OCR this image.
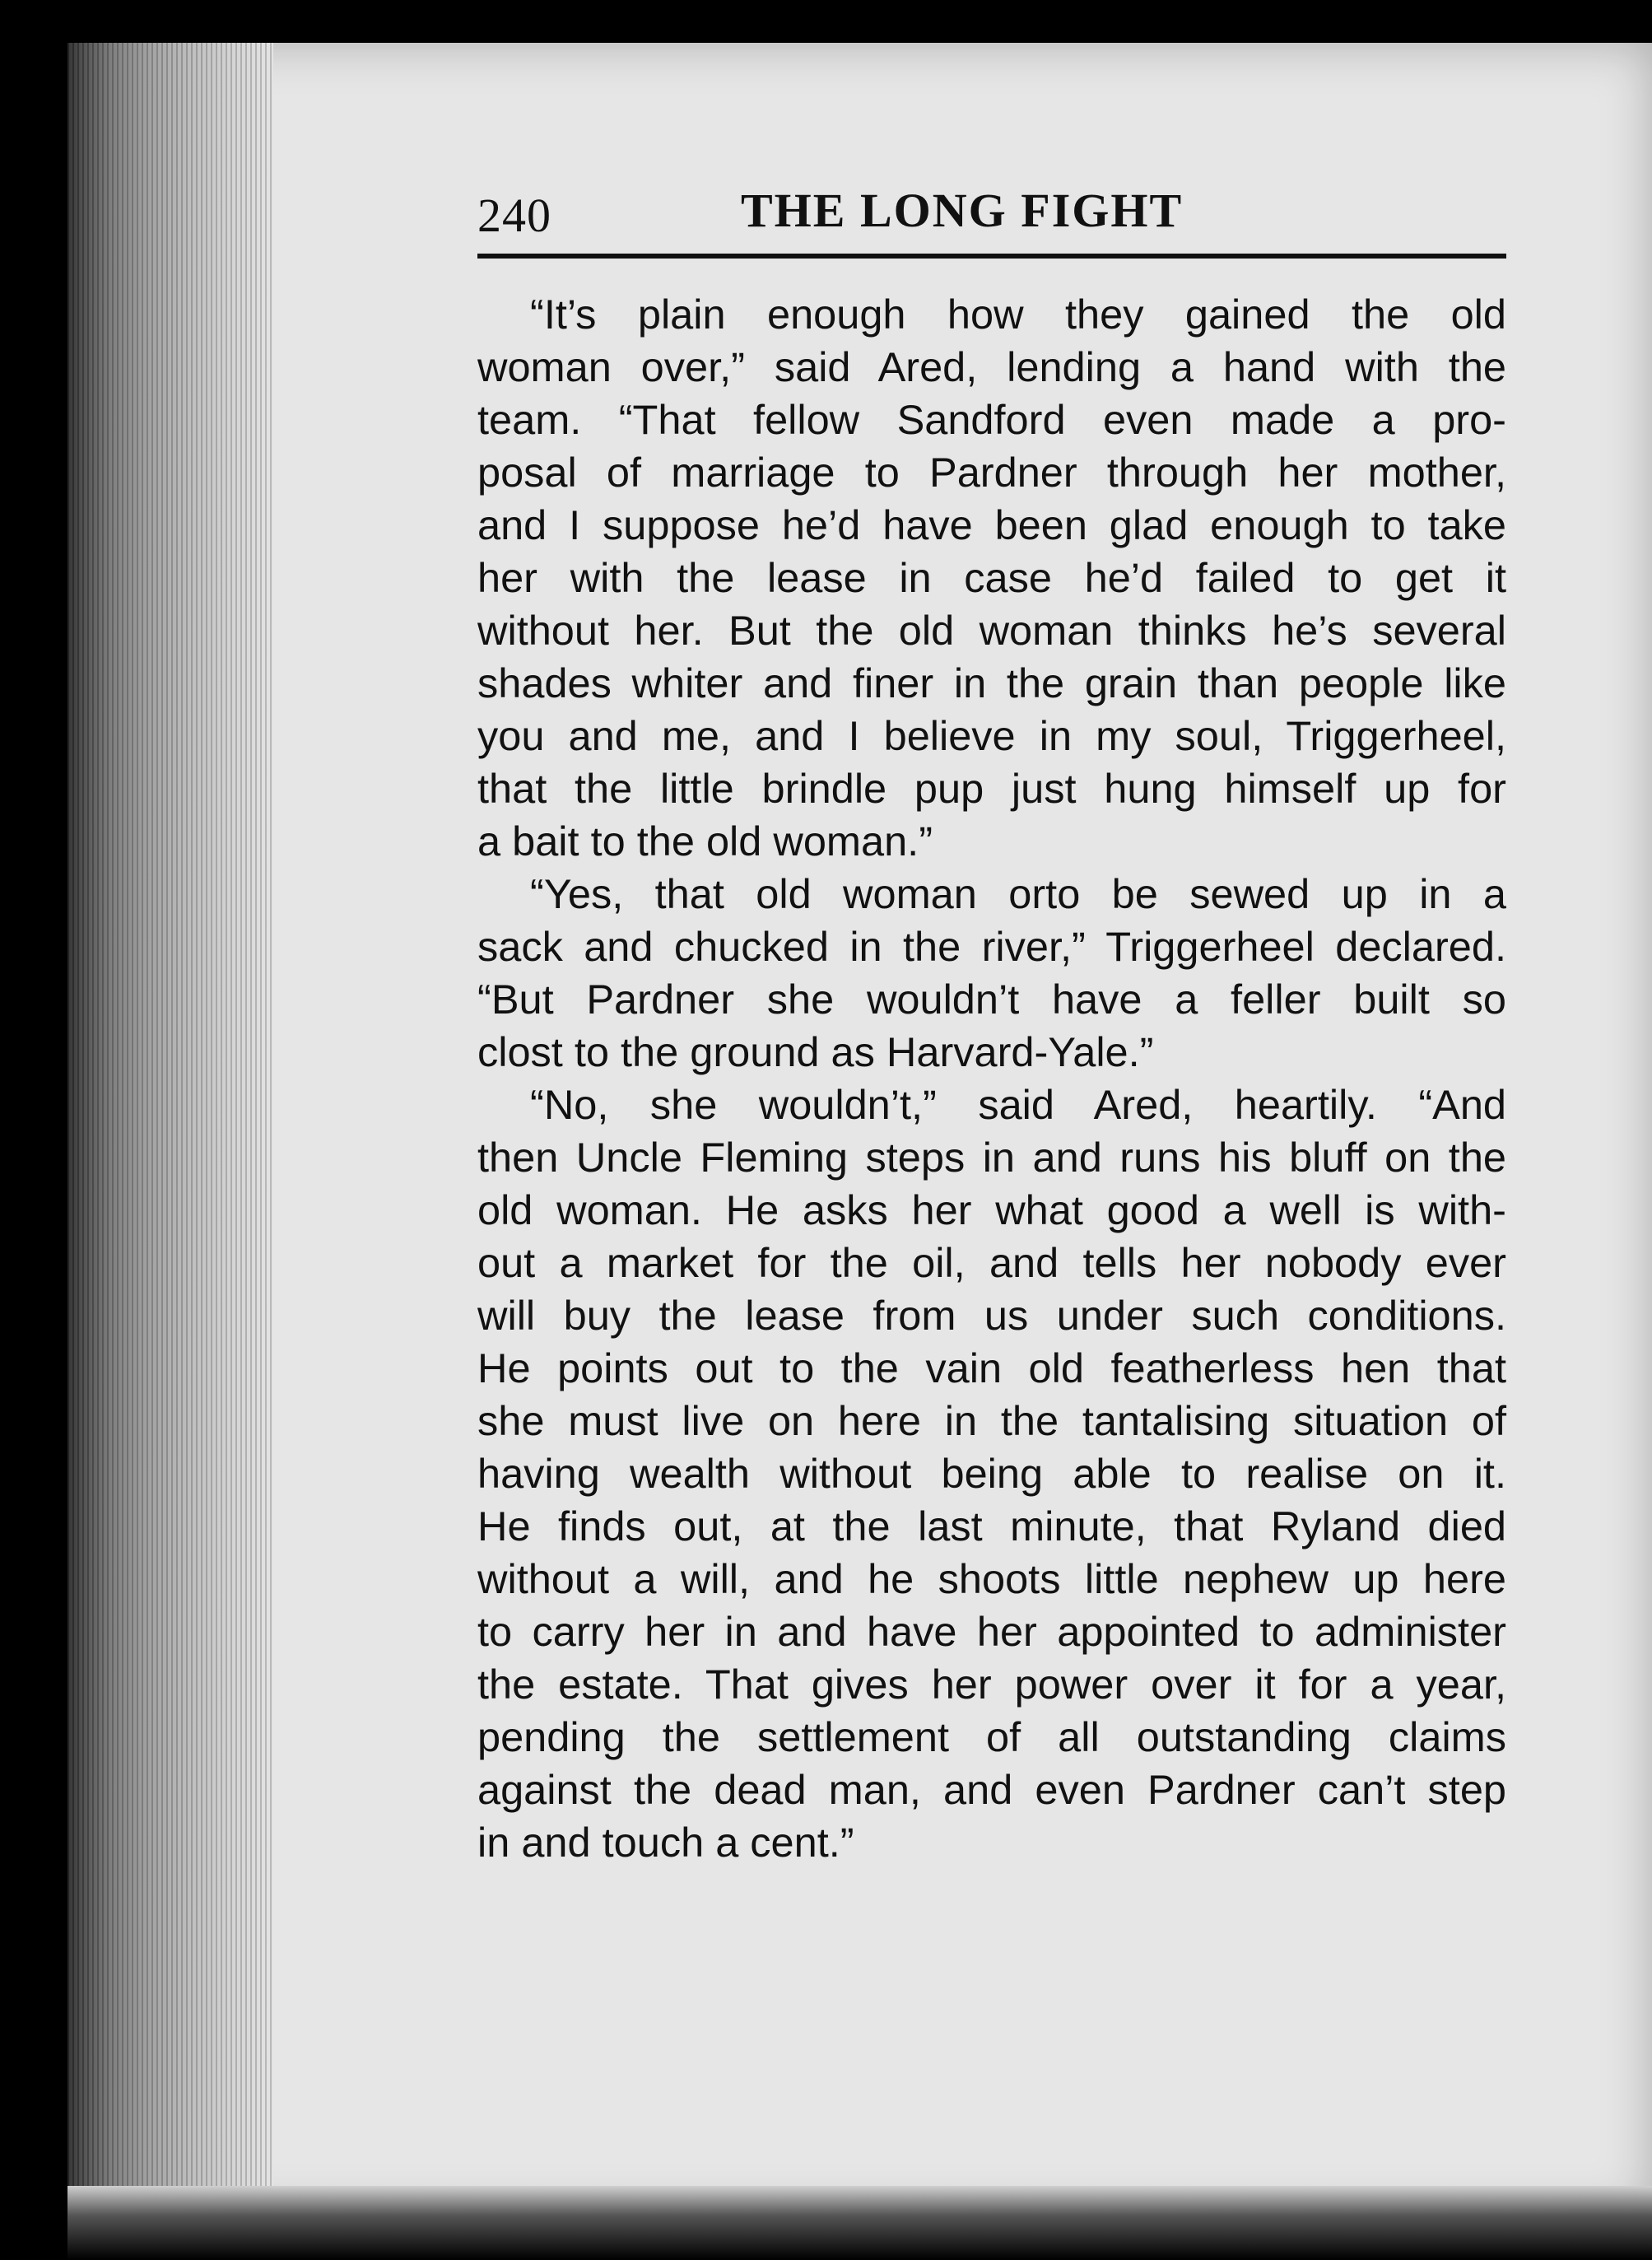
240	THE LONG FIGHT
“It’s plain enough how they gained the old
woman over,” said Ared, lending a hand with the
team. “That fellow Sandford even made a pro-
posal of marriage to Pardner through her mother,
and I suppose he’d have been glad enough to take
her with the lease in case he’d failed to get it
without her. But the old woman thinks he’s several
shades whiter and finer in the grain than people like
you and me, and I believe in my soul, Triggerheel,
that the little brindle pup just hung himself up for
a bait to the old woman.”
“Yes, that old woman orto be sewed up in a
sack and chucked in the river,” Triggerheel declared.
“But Pardner she wouldn’t have a feller built so
clost to the ground as Harvard-Yale.”
“No, she wouldn’t,” said Ared, heartily. “And
then Uncle Fleming steps in and runs his bluff on the
old woman. He asks her what good a well is with-
out a market for the oil, and tells her nobody ever
will buy the lease from us under such conditions.
He points out to the vain old featherless hen that
she must live on here in the tantalising situation of
having wealth without being able to realise on it.
He finds out, at the last minute, that Ryland died
without a will, and he shoots little nephew up here
to carry her in and have her appointed to administer
the estate. That gives her power over it for a year,
pending the settlement of all outstanding claims
against the dead man, and even Pardner can’t step
in and touch a cent.”
